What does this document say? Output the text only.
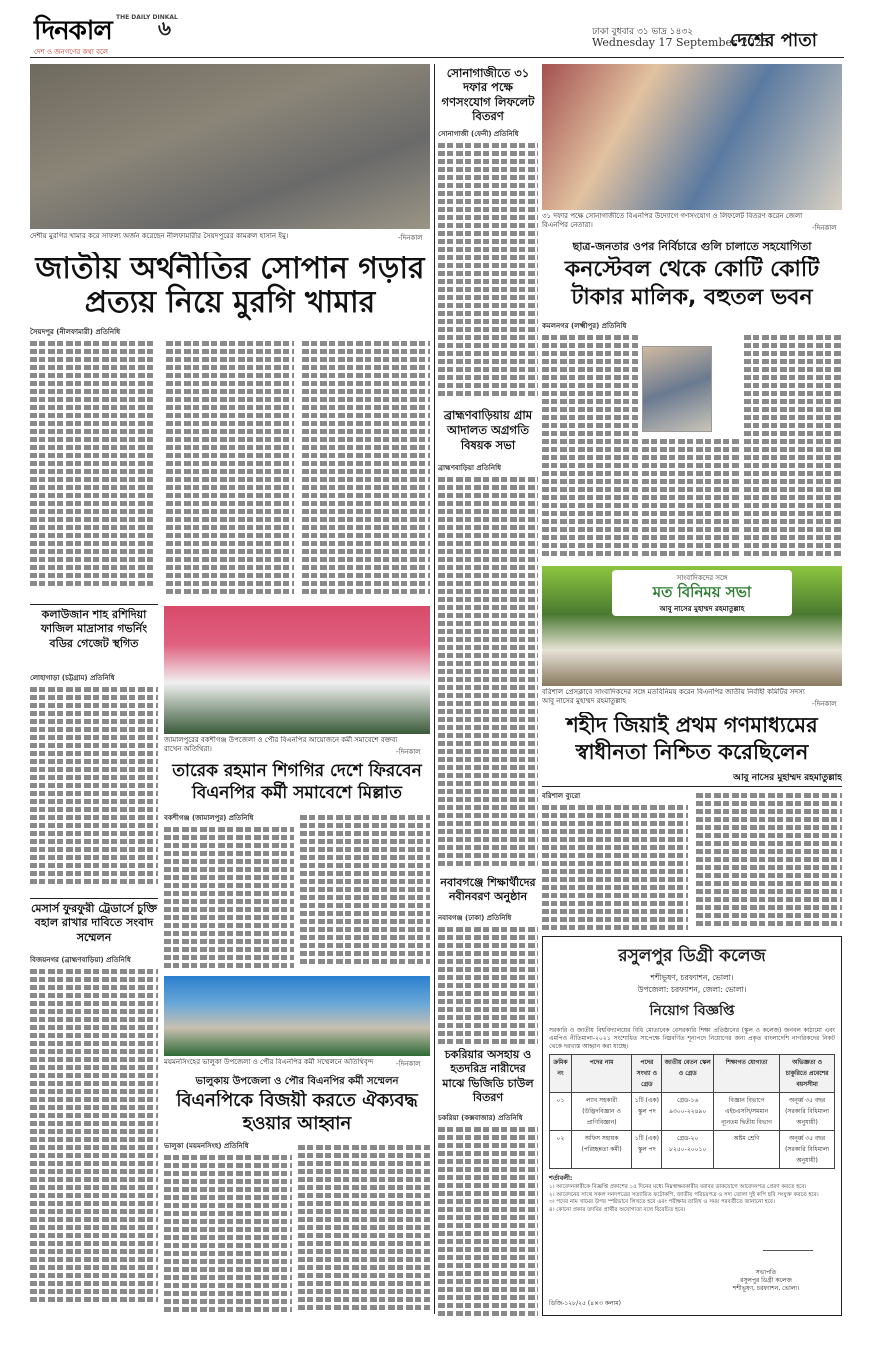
দিনকাল THE DAILY DINKAL
দেশ ও জনগণের কথা বলে
৬	ঢাকা বুধবার ৩১ ভাদ্র ১৪৩২
Wednesday 17 September 2025
দেশের পাতা
দেশীয় মুরগির খামার করে সাফল্য অর্জন করেছেন নীলফামারীর সৈয়দপুরের কামরুল হাসান ইমু।	-দিনকাল
জাতীয় অর্থনীতির সোপান গড়ার প্রত্যয় নিয়ে মুরগি খামার
সৈয়দপুর (নীলফামারী) প্রতিনিধি
সোনাগাজীতে ৩১ দফার পক্ষে গণসংযোগ লিফলেট বিতরণ
সোনাগাজী (ফেনী) প্রতিনিধি
৩১ দফার পক্ষে সোনাগাজীতে বিএনপির উদ্যোগে গণসংযোগ ও লিফলেট বিতরণ করেন জেলা বিএনপির নেতারা।	-দিনকাল
ছাত্র-জনতার ওপর নির্বিচারে গুলি চালাতে সহযোগিতা
কনস্টেবল থেকে কোটি কোটি টাকার মালিক, বহুতল ভবন
কমলনগর (লক্ষ্মীপুর) প্রতিনিধি
ব্রাহ্মণবাড়িয়ায় গ্রাম আদালত অগ্রগতি বিষয়ক সভা
ব্রাহ্মণবাড়িয়া প্রতিনিধি
কলাউজান শাহ রশিদিয়া ফাজিল মাদ্রাসার গভর্নিং বডির গেজেট স্থগিত
লোহাগাড়া (চট্টগ্রাম) প্রতিনিধি
জামালপুরের বকশীগঞ্জ উপজেলা ও পৌর বিএনপির আয়োজনে কর্মী সমাবেশে বক্তব্য রাখেন অতিথিরা।	-দিনকাল
তারেক রহমান শিগগির দেশে ফিরবেন বিএনপির কর্মী সমাবেশে মিল্লাত
বকশীগঞ্জ (জামালপুর) প্রতিনিধি
মেসার্স ফুরফুরী ট্রেডার্সে চুক্তি বহাল রাখার দাবিতে সংবাদ সম্মেলন
বিজয়নগর (ব্রাহ্মণবাড়িয়া) প্রতিনিধি
ময়মনসিংহের ভালুকা উপজেলা ও পৌর বিএনপির কর্মী সম্মেলনে অতিথিবৃন্দ	-দিনকাল
ভালুকায় উপজেলা ও পৌর বিএনপির কর্মী সম্মেলন
বিএনপিকে বিজয়ী করতে ঐক্যবদ্ধ হওয়ার আহ্বান
ভালুকা (ময়মনসিংহ) প্রতিনিধি
নবাবগঞ্জে শিক্ষার্থীদের নবীনবরণ অনুষ্ঠান
নবাবগঞ্জ (ঢাকা) প্রতিনিধি
চকরিয়ার অসহায় ও হতদরিদ্র নারীদের মাঝে ভিজিডি চাউল বিতরণ
চকরিয়া (কক্সবাজার) প্রতিনিধি
সাংবাদিকদের সঙ্গে
মত বিনিময় সভা
আবু নাসের মুহাম্মদ রহমাতুল্লাহ
বরিশাল প্রেসক্লাবে সাংবাদিকদের সঙ্গে মতবিনিময় করেন বিএনপির জাতীয় নির্বাহী কমিটির সদস্য আবু নাসের মুহাম্মদ রহমাতুল্লাহ	-দিনকাল
শহীদ জিয়াই প্রথম গণমাধ্যমের স্বাধীনতা নিশ্চিত করেছিলেন
আবু নাসের মুহাম্মদ রহমাতুল্লাহ
বরিশাল ব্যুরো
রসুলপুর ডিগ্রী কলেজ
শশীভূষণ, চরফ্যাশন, ভোলা।
উপজেলা: চরফ্যাশন, জেলা: ভোলা।
নিয়োগ বিজ্ঞপ্তি
সরকারি ও জাতীয় বিশ্ববিদ্যালয়ের বিধি মোতাবেক বেসরকারি শিক্ষা প্রতিষ্ঠানের (স্কুল ও কলেজ) জনবল কাঠামো এবং এমপিও নীতিমালা-২০২১ সংশোধিত সাপেক্ষে নিম্নবর্ণিত শূন্যপদে নিয়োগের জন্য প্রকৃত বাংলাদেশি নাগরিকদের নিকট থেকে দরখাস্ত আহ্বান করা যাচ্ছে।
ক্রমিক নং	পদের নাম	পদের সংখ্যা ও গ্রেড	জাতীয় বেতন স্কেল ও গ্রেড	শিক্ষাগত যোগ্যতা	অভিজ্ঞতা ও চাকুরিতে প্রবেশের বয়সসীমা
০১	ল্যাব সহকারী (উদ্ভিদবিজ্ঞান ও প্রাণিবিজ্ঞান)	১টি (এক) স্কুল পদ	গ্রেড-১৬ ৯৩০০-২২৪৯০	বিজ্ঞান বিভাগে এইচএসসি/সমমান ন্যূনতম দ্বিতীয় বিভাগ	অনূর্ধ্ব ৩৫ বছর (সরকারি বিধিমালা অনুযায়ী)
০২	অফিস সহায়ক (পরিচ্ছন্নতা কর্মী)	১টি (এক) স্কুল পদ	গ্রেড-২০ ৮২৫০-২০০১০	অষ্টম শ্রেণি	অনূর্ধ্ব ৩৫ বছর (সরকারি বিধিমালা অনুযায়ী)
শর্তাবলী:
১। আবেদনকারীকে বিজ্ঞপ্তি প্রকাশের ১৫ দিনের মধ্যে নিম্নস্বাক্ষরকারীর বরাবর ডাকযোগে আবেদনপত্র প্রেরণ করতে হবে।
২। আবেদনের সাথে সকল সনদপত্রের সত্যায়িত ফটোকপি, জাতীয় পরিচয়পত্র ও সদ্য তোলা দুই কপি ছবি সংযুক্ত করতে হবে।
৩। পদের নাম খামের উপর স্পষ্টভাবে লিখতে হবে এবং পরীক্ষার তারিখ ও সময় পরবর্তীতে জানানো হবে।
৪। কোনো প্রকার তদবির প্রার্থীর অযোগ্যতা বলে বিবেচিত হবে।
সভাপতি
রসুলপুর ডিগ্রী কলেজ
শশীভূষণ, চরফ্যাশন, ভোলা।
ডিজি-১২৮/২৫ (৪×৩ কলাম)
